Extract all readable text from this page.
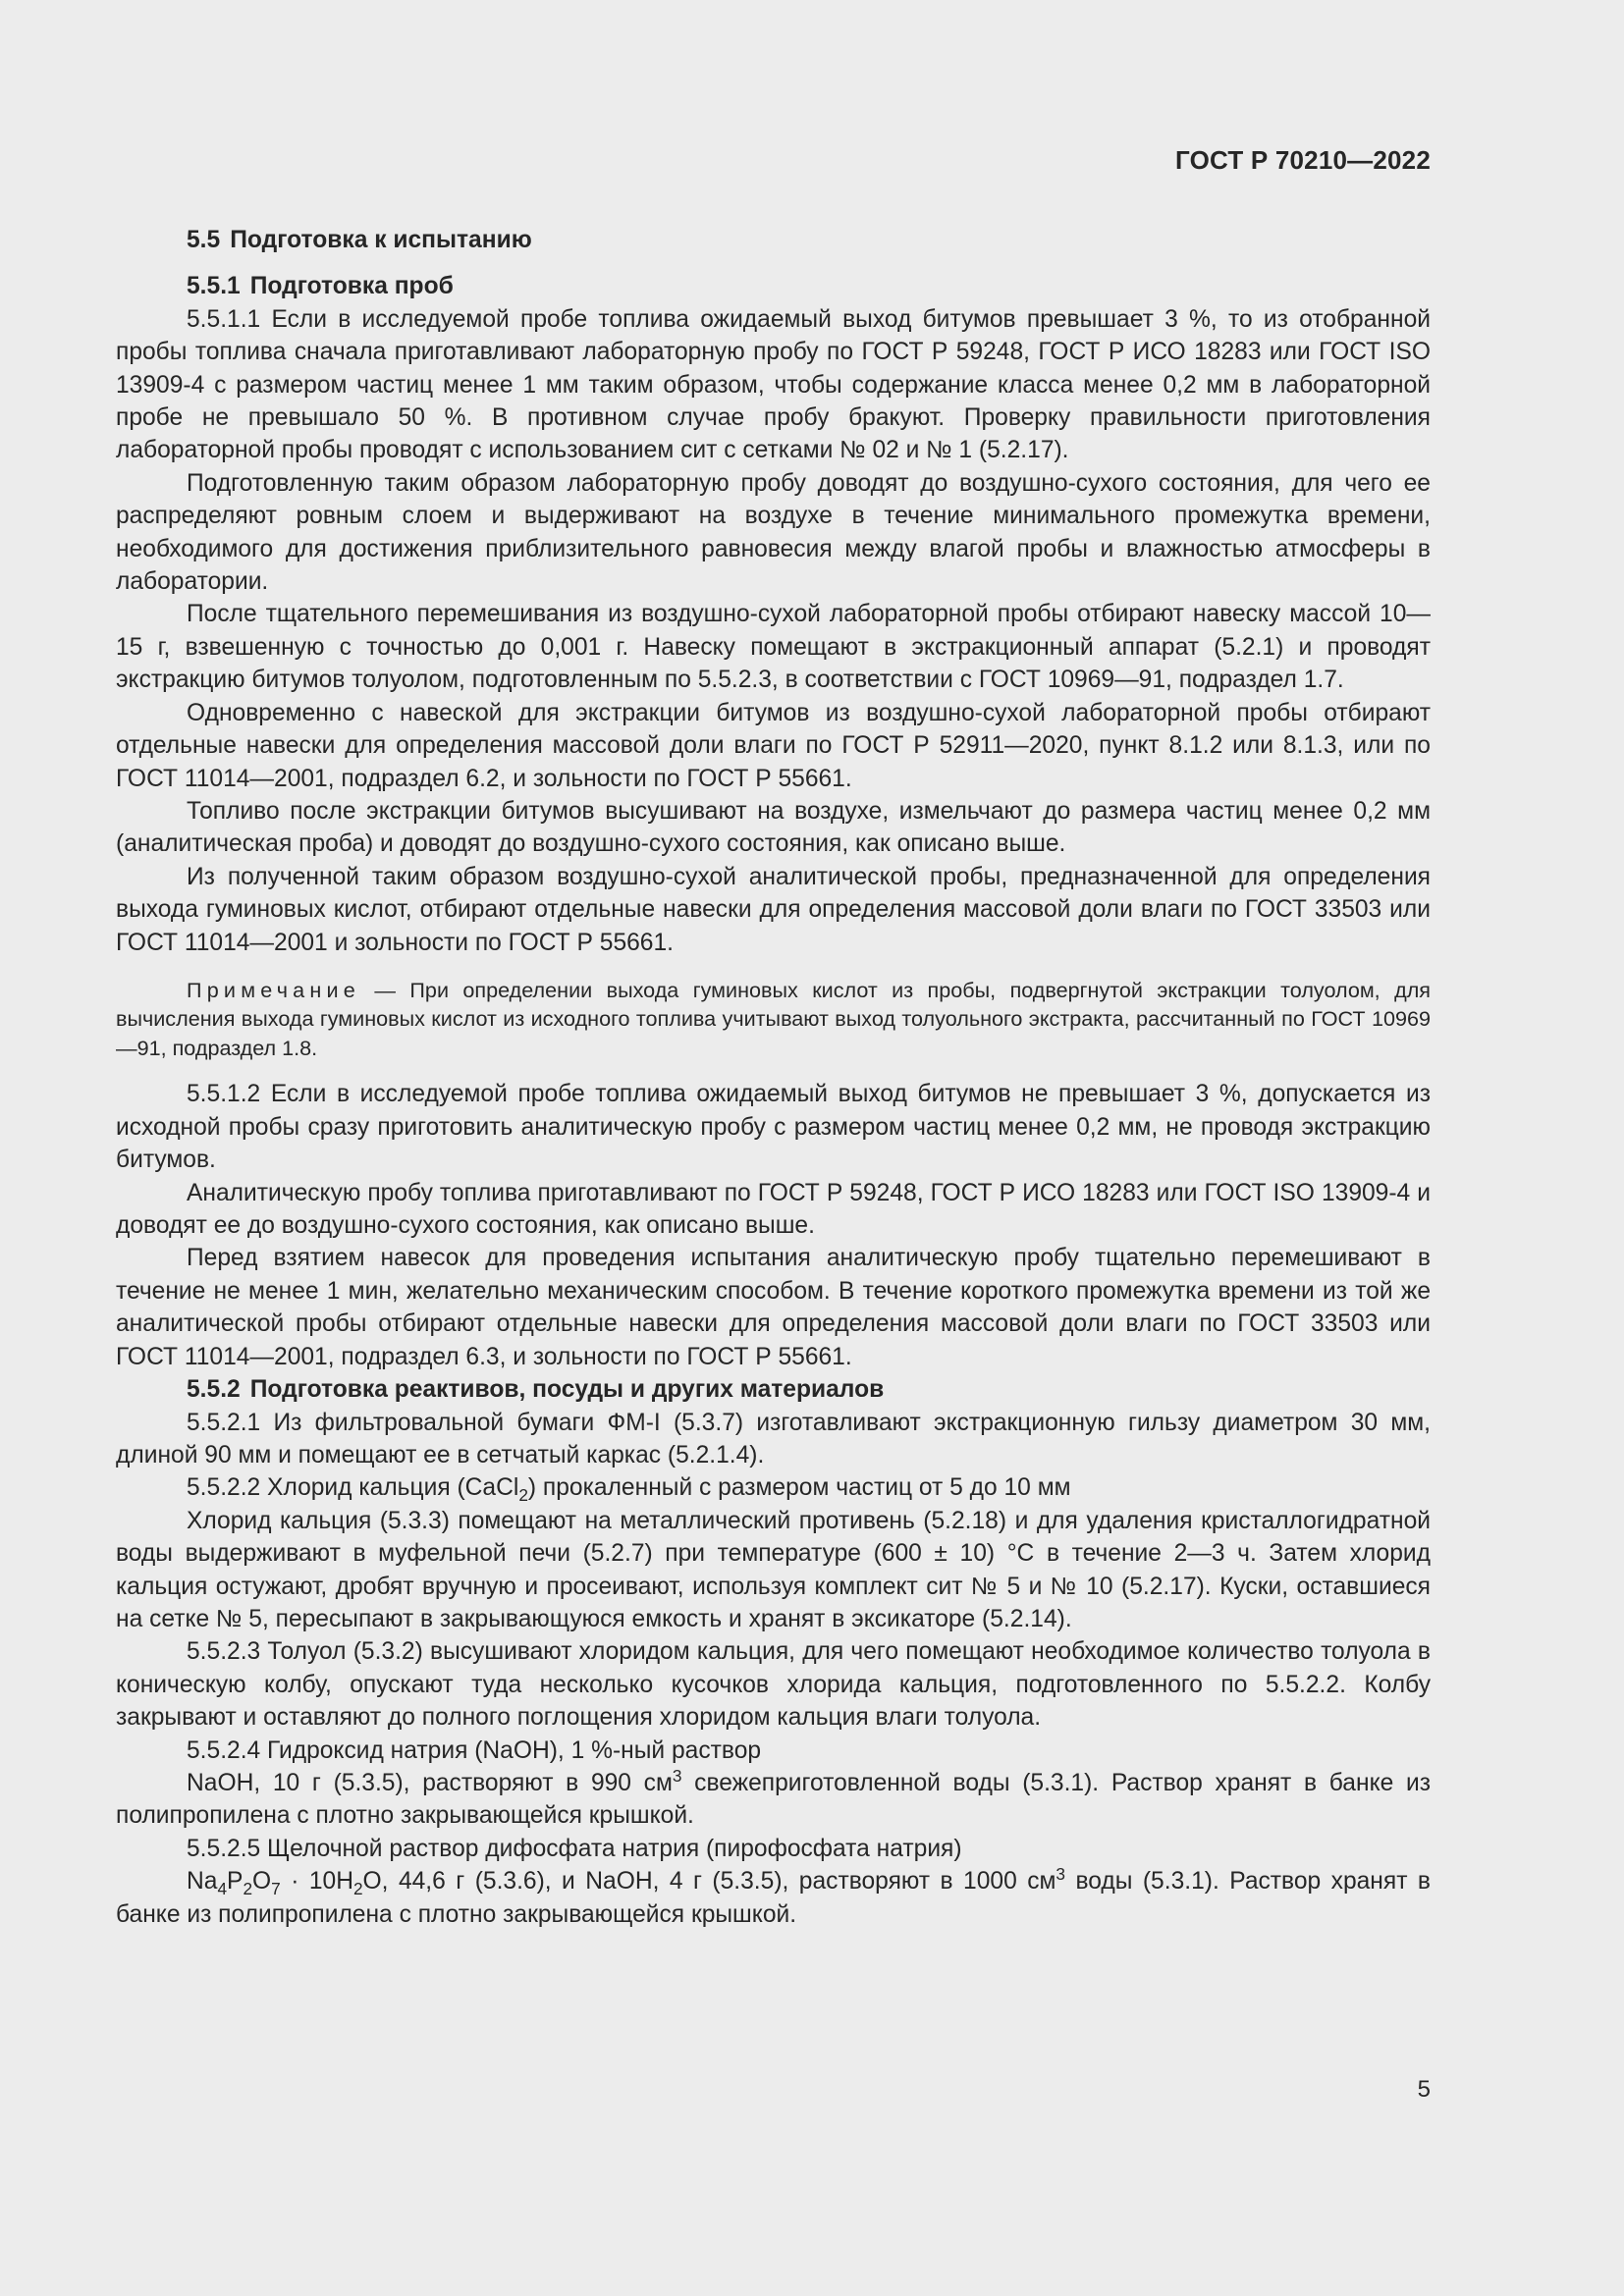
ГОСТ Р 70210—2022
5.5 Подготовка к испытанию
5.5.1 Подготовка проб

5.5.1.1 Если в исследуемой пробе топлива ожидаемый выход битумов превышает 3 %, то из отобранной пробы топлива сначала приготавливают лабораторную пробу по ГОСТ Р 59248, ГОСТ Р ИСО 18283 или ГОСТ ISO 13909-4 с размером частиц менее 1 мм таким образом, чтобы содержание класса менее 0,2 мм в лабораторной пробе не превышало 50 %. В противном случае пробу бракуют. Проверку правильности приготовления лабораторной пробы проводят с использованием сит с сетками № 02 и № 1 (5.2.17).

Подготовленную таким образом лабораторную пробу доводят до воздушно-сухого состояния, для чего ее распределяют ровным слоем и выдерживают на воздухе в течение минимального промежутка времени, необходимого для достижения приблизительного равновесия между влагой пробы и влажностью атмосферы в лаборатории.

После тщательного перемешивания из воздушно-сухой лабораторной пробы отбирают навеску массой 10—15 г, взвешенную с точностью до 0,001 г. Навеску помещают в экстракционный аппарат (5.2.1) и проводят экстракцию битумов толуолом, подготовленным по 5.5.2.3, в соответствии с ГОСТ 10969—91, подраздел 1.7.

Одновременно с навеской для экстракции битумов из воздушно-сухой лабораторной пробы отбирают отдельные навески для определения массовой доли влаги по ГОСТ Р 52911—2020, пункт 8.1.2 или 8.1.3, или по ГОСТ 11014—2001, подраздел 6.2, и зольности по ГОСТ Р 55661.

Топливо после экстракции битумов высушивают на воздухе, измельчают до размера частиц менее 0,2 мм (аналитическая проба) и доводят до воздушно-сухого состояния, как описано выше.

Из полученной таким образом воздушно-сухой аналитической пробы, предназначенной для определения выхода гуминовых кислот, отбирают отдельные навески для определения массовой доли влаги по ГОСТ 33503 или ГОСТ 11014—2001 и зольности по ГОСТ Р 55661.

Примечание — При определении выхода гуминовых кислот из пробы, подвергнутой экстракции толуолом, для вычисления выхода гуминовых кислот из исходного топлива учитывают выход толуольного экстракта, рассчитанный по ГОСТ 10969—91, подраздел 1.8.

5.5.1.2 Если в исследуемой пробе топлива ожидаемый выход битумов не превышает 3 %, допускается из исходной пробы сразу приготовить аналитическую пробу с размером частиц менее 0,2 мм, не проводя экстракцию битумов.

Аналитическую пробу топлива приготавливают по ГОСТ Р 59248, ГОСТ Р ИСО 18283 или ГОСТ ISO 13909-4 и доводят ее до воздушно-сухого состояния, как описано выше.

Перед взятием навесок для проведения испытания аналитическую пробу тщательно перемешивают в течение не менее 1 мин, желательно механическим способом. В течение короткого промежутка времени из той же аналитической пробы отбирают отдельные навески для определения массовой доли влаги по ГОСТ 33503 или ГОСТ 11014—2001, подраздел 6.3, и зольности по ГОСТ Р 55661.

5.5.2 Подготовка реактивов, посуды и других материалов

5.5.2.1 Из фильтровальной бумаги ФМ-I (5.3.7) изготавливают экстракционную гильзу диаметром 30 мм, длиной 90 мм и помещают ее в сетчатый каркас (5.2.1.4).

5.5.2.2 Хлорид кальция (CaCl$_2$) прокаленный с размером частиц от 5 до 10 мм

Хлорид кальция (5.3.3) помещают на металлический противень (5.2.18) и для удаления кристаллогидратной воды выдерживают в муфельной печи (5.2.7) при температуре (600 ± 10) °С в течение 2—3 ч. Затем хлорид кальция остужают, дробят вручную и просеивают, используя комплект сит № 5 и № 10 (5.2.17). Куски, оставшиеся на сетке № 5, пересыпают в закрывающуюся емкость и хранят в эксикаторе (5.2.14).

5.5.2.3 Толуол (5.3.2) высушивают хлоридом кальция, для чего помещают необходимое количество толуола в коническую колбу, опускают туда несколько кусочков хлорида кальция, подготовленного по 5.5.2.2. Колбу закрывают и оставляют до полного поглощения хлоридом кальция влаги толуола.

5.5.2.4 Гидроксид натрия (NaOH), 1 %-ный раствор

NaOH, 10 г (5.3.5), растворяют в 990 $см^3$ свежеприготовленной воды (5.3.1). Раствор хранят в банке из полипропилена с плотно закрывающейся крышкой.

5.5.2.5 Щелочной раствор дифосфата натрия (пирофосфата натрия)

$Na_4P_2O_7 \cdot 10H_2O$, 44,6 г (5.3.6), и NaOH, 4 г (5.3.5), растворяют в 1000 $см^3$ воды (5.3.1). Раствор хранят в банке из полипропилена с плотно закрывающейся крышкой.

5
